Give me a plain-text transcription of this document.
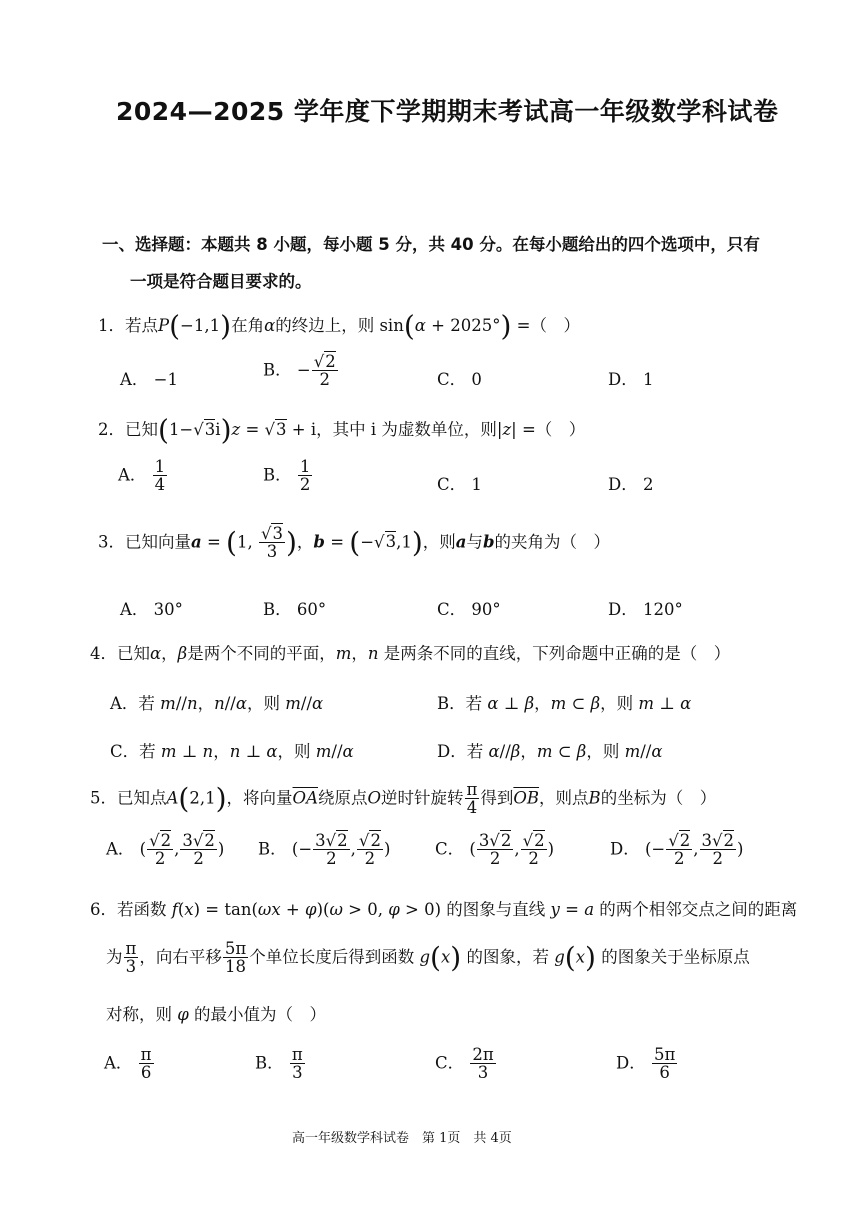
2024—2025 学年度下学期期末考试高一年级数学科试卷
一、选择题：本题共 8 小题，每小题 5 分，共 40 分。在每小题给出的四个选项中，只有
一项是符合题目要求的。
1．若点P(−1,1)在角α的终边上，则 sin(α + 2025°) =（　）
A． −1
B． − $\frac{√2}{2}$	C． 0	D． 1
2．已知(1−√3i)z = √3 + i，其中 i 为虚数单位，则|z| =（　）
A． $\frac{1}{4}$	B． $\frac{1}{2}$	C． 1	D． 2
3．已知向量a = (1, $\frac{√3}{3}$ )，b = (−√3,1)，则a与b的夹角为（　）
A． 30°	B． 60°	C． 90°	D． 120°
4．已知α，β是两个不同的平面，m，n 是两条不同的直线，下列命题中正确的是（　）
A．若 m//n，n//α，则 m//α	B．若 α ⊥ β，m ⊂ β，则 m ⊥ α
C．若 m ⊥ n，n ⊥ α，则 m//α	D．若 α//β，m ⊂ β，则 m//α
5．已知点A(2,1)，将向量$\overline{OA}$绕原点O逆时针旋转 $\frac{\pi}{4}$ 得到$\overline{OB}$，则点B的坐标为（　）
A． ( $\frac{√2}{2}$ , $\frac{3√2}{2}$ ) B． (− $\frac{3√2}{2}$ , $\frac{√2}{2}$ )	C． ( $\frac{3√2}{2}$ , $\frac{√2}{2}$ )	D． (− $\frac{√2}{2}$ , $\frac{3√2}{2}$ )
6．若函数 f(x) = tan(ωx + φ)(ω > 0, φ > 0) 的图象与直线 y = a 的两个相邻交点之间的距离
为 $\frac{\pi}{3}$ ，向右平移 $\frac{5\pi}{18}$ 个单位长度后得到函数 g(x) 的图象，若 g(x) 的图象关于坐标原点
对称，则 φ 的最小值为（　）
A． $\frac{\pi}{6}$	B． $\frac{\pi}{3}$	C． $\frac{2\pi}{3}$	D． $\frac{5\pi}{6}$
高一年级数学科试卷　第 1页　共 4页
